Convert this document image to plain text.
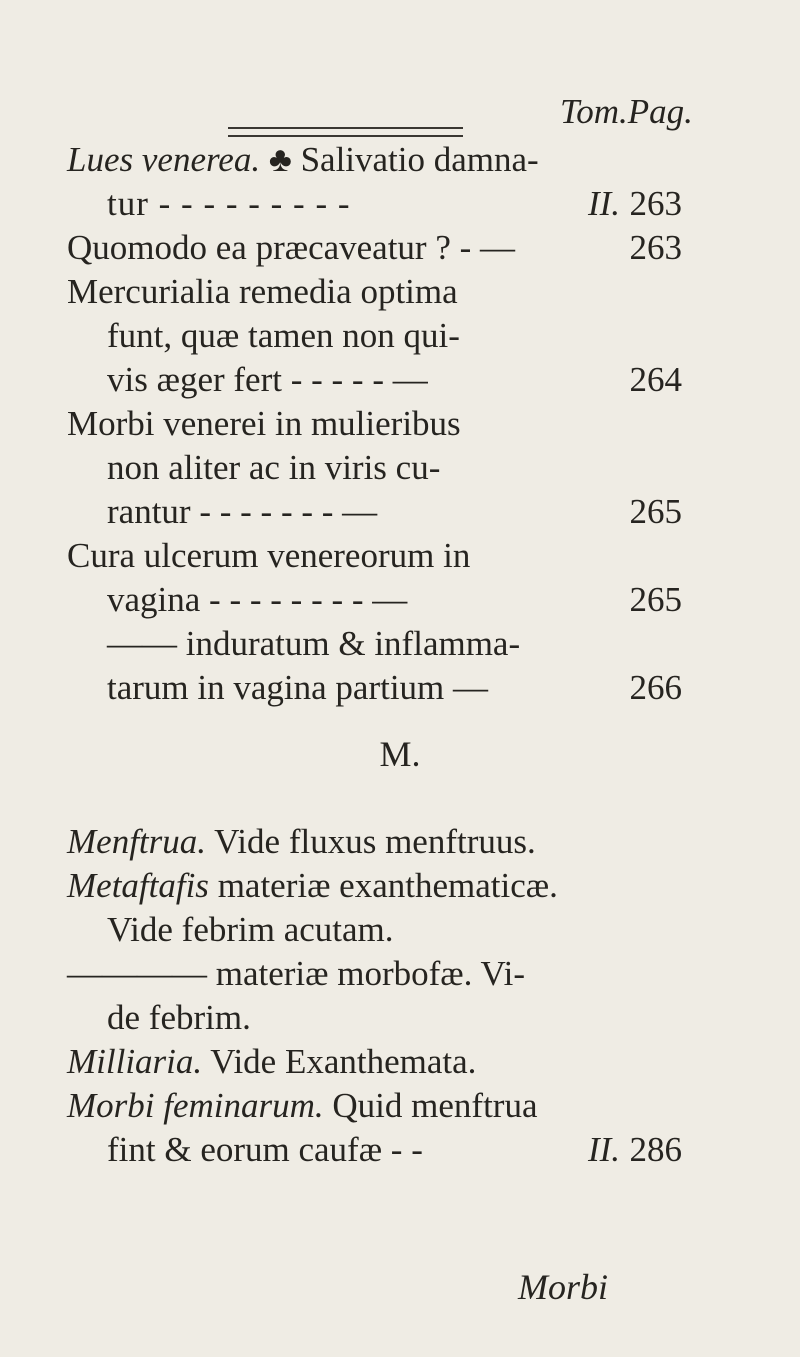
Tom.Pag.
Lues venerea. ♣ Salivatio damna-
tur - - - - - - - - -	II. 263
Quomodo ea præcaveatur ? - —	263
Mercurialia remedia optima
funt, quæ tamen non qui-
vis æger fert - - - - - —	264
Morbi venerei in mulieribus
non aliter ac in viris cu-
rantur - - - - - - - —	265
Cura ulcerum venereorum in
vagina - - - - - - - - —	265
—— induratum & inflamma-
tarum in vagina partium —	266
M.
Menftrua. Vide fluxus menftruus.
Metaftafis materiæ exanthematicæ.
Vide febrim acutam.
———— materiæ morbofæ. Vi-
de febrim.
Milliaria. Vide Exanthemata.
Morbi feminarum. Quid menftrua
fint & eorum caufæ - -	II. 286
Morbi
